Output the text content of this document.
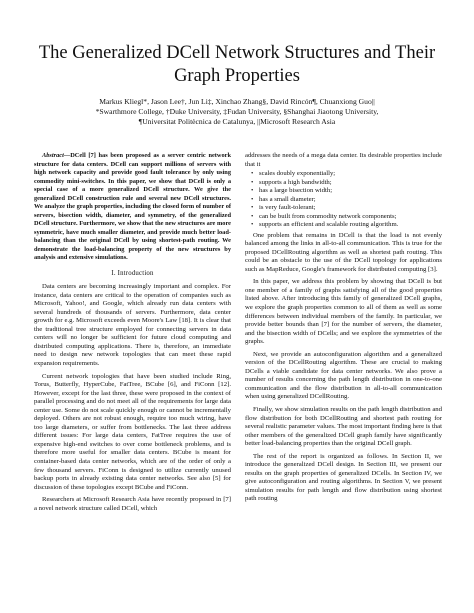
The Generalized DCell Network Structures and Their Graph Properties
Markus Kliegl*, Jason Lee†, Jun Li‡, Xinchao Zhang§, David Rincón¶, Chuanxiong Guo||
*Swarthmore College, †Duke University, ‡Fudan University, §Shanghai Jiaotong University,
¶Universitat Politècnica de Catalunya, ||Microsoft Research Asia

Abstract—DCell [7] has been proposed as a server centric network structure for data centers. DCell can support millions of servers with high network capacity and provide good fault tolerance by only using commodity mini-switches. In this paper, we show that DCell is only a special case of a more generalized DCell structure. We give the generalized DCell construction rule and several new DCell structures. We analyze the graph properties, including the closed form of number of servers, bisection width, diameter, and symmetry, of the generalized DCell structure. Furthermore, we show that the new structures are more symmetric, have much smaller diameter, and provide much better load-balancing than the original DCell by using shortest-path routing. We demonstrate the load-balancing property of the new structures by analysis and extensive simulations.

I. Introduction

Data centers are becoming increasingly important and complex. For instance, data centers are critical to the operation of companies such as Microsoft, Yahoo!, and Google, which already run data centers with several hundreds of thousands of servers. Furthermore, data center growth for e.g. Microsoft exceeds even Moore's Law [18]. It is clear that the traditional tree structure employed for connecting servers in data centers will no longer be sufficient for future cloud computing and distributed computing applications. There is, therefore, an immediate need to design new network topologies that can meet these rapid expansion requirements.

Current network topologies that have been studied include Ring, Torus, Butterfly, HyperCube, FatTree, BCube [6], and FiConn [12]. However, except for the last three, these were proposed in the context of parallel processing and do not meet all of the requirements for large data center use. Some do not scale quickly enough or cannot be incrementally deployed. Others are not robust enough, require too much wiring, have too large diameters, or suffer from bottlenecks. The last three address different issues: For large data centers, FatTree requires the use of expensive high-end switches to over come bottleneck problems, and is therefore more useful for smaller data centers. BCube is meant for container-based data center networks, which are of the order of only a few thousand servers. FiConn is designed to utilize currently unused backup ports in already existing data center networks. See also [5] for discussion of these topologies except BCube and FiConn.

Researchers at Microsoft Research Asia have recently proposed in [7] a novel network structure called DCell, which

addresses the needs of a mega data center. Its desirable properties include that it

• scales doubly exponentially;
• supports a high bandwidth;
• has a large bisection width;
• has a small diameter;
• is very fault-tolerant;
• can be built from commodity network components;
• supports an efficient and scalable routing algorithm.

One problem that remains in DCell is that the load is not evenly balanced among the links in all-to-all communication. This is true for the proposed DCellRouting algorithm as well as shortest path routing. This could be an obstacle to the use of the DCell topology for applications such as MapReduce, Google's framework for distributed computing [3].

In this paper, we address this problem by showing that DCell is but one member of a family of graphs satisfying all of the good properties listed above. After introducing this family of generalized DCell graphs, we explore the graph properties common to all of them as well as some differences between individual members of the family. In particular, we provide better bounds than [7] for the number of servers, the diameter, and the bisection width of DCells; and we explore the symmetries of the graphs.

Next, we provide an autoconfiguration algorithm and a generalized version of the DCellRouting algorithm. These are crucial to making DCells a viable candidate for data center networks. We also prove a number of results concerning the path length distribution in one-to-one communication and the flow distribution in all-to-all communication when using generalized DCellRouting.

Finally, we show simulation results on the path length distribution and flow distribution for both DCellRouting and shortest path routing for several realistic parameter values. The most important finding here is that other members of the generalized DCell graph family have significantly better load-balancing properties than the original DCell graph.

The rest of the report is organized as follows. In Section II, we introduce the generalized DCell design. In Section III, we present our results on the graph properties of generalized DCells. In Section IV, we give autoconfiguration and routing algorithms. In Section V, we present simulation results for path length and flow distribution using shortest path routing
